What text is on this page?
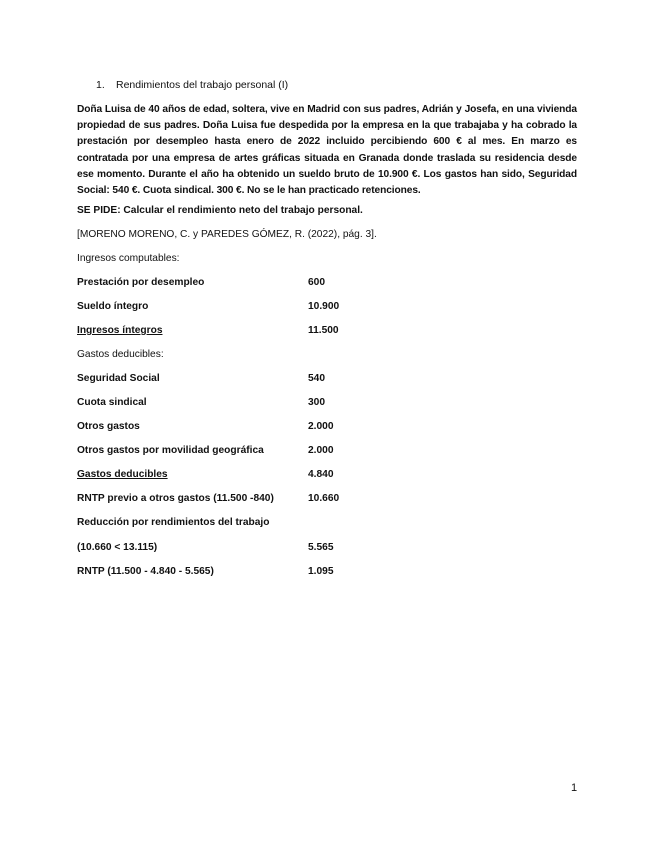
1. Rendimientos del trabajo personal (I)
Doña Luisa de 40 años de edad, soltera, vive en Madrid con sus padres, Adrián y Josefa, en una vivienda propiedad de sus padres. Doña Luisa fue despedida por la empresa en la que trabajaba y ha cobrado la prestación por desempleo hasta enero de 2022 incluido percibiendo 600 € al mes. En marzo es contratada por una empresa de artes gráficas situada en Granada donde traslada su residencia desde ese momento. Durante el año ha obtenido un sueldo bruto de 10.900 €. Los gastos han sido, Seguridad Social: 540 €. Cuota sindical. 300 €. No se le han practicado retenciones.
SE PIDE: Calcular el rendimiento neto del trabajo personal.
[MORENO MORENO, C. y PAREDES GÓMEZ, R. (2022), pág. 3].
Ingresos computables:
Prestación por desempleo	600
Sueldo íntegro	10.900
Ingresos íntegros	11.500
Gastos deducibles:
Seguridad Social	540
Cuota sindical	300
Otros gastos	2.000
Otros gastos por movilidad geográfica	2.000
Gastos deducibles	4.840
RNTP previo a otros gastos (11.500 -840)	10.660
Reducción por rendimientos del trabajo
(10.660 < 13.115)	5.565
RNTP (11.500 - 4.840 - 5.565)	1.095
1
